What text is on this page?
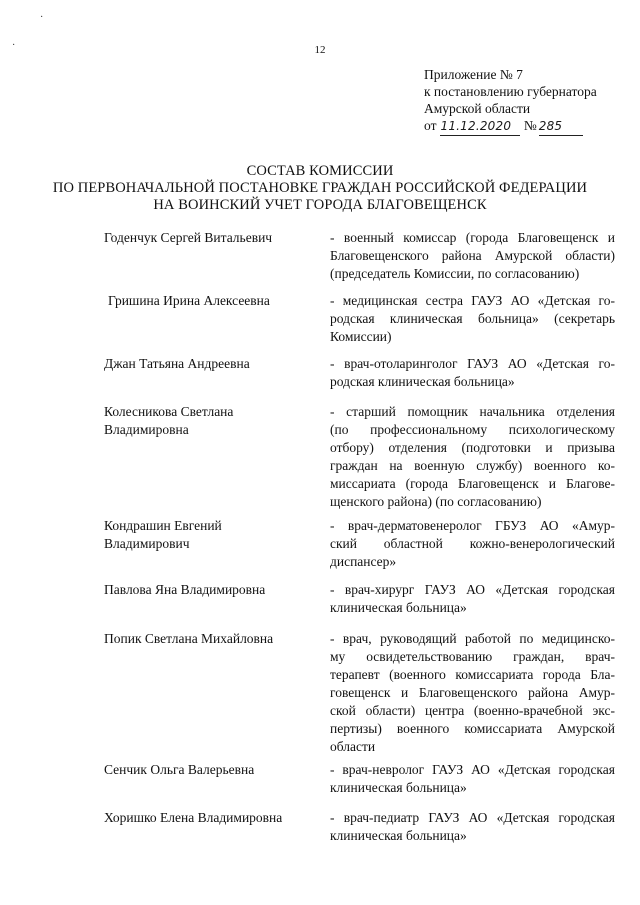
·
·	12
Приложение № 7
к постановлению губернатора
Амурской области
от 11.12.2020 № 285
СОСТАВ КОМИССИИ
ПО ПЕРВОНАЧАЛЬНОЙ ПОСТАНОВКЕ ГРАЖДАН РОССИЙСКОЙ ФЕДЕРАЦИИ
НА ВОИНСКИЙ УЧЕТ ГОРОДА БЛАГОВЕЩЕНСК
Годенчук Сергей Витальевич	- военный комиссар (города Благовещенск и
Благовещенского района Амурской области)
(председатель Комиссии, по согласованию)
Гришина Ирина Алексеевна	- медицинская сестра ГАУЗ АО «Детская го-
родская клиническая больница» (секретарь
Комиссии)
Джан Татьяна Андреевна	- врач-отоларинголог ГАУЗ АО «Детская го-
родская клиническая больница»
Колесникова Светлана
Владимировна
- старший помощник начальника отделения
(по профессиональному психологическому
отбору) отделения (подготовки и призыва
граждан на военную службу) военного ко-
миссариата (города Благовещенск и Благове-
щенского района) (по согласованию)
Кондрашин Евгений
Владимирович
- врач-дерматовенеролог ГБУЗ АО «Амур-
ский областной кожно-венерологический
диспансер»
Павлова Яна Владимировна	- врач-хирург ГАУЗ АО «Детская городская
клиническая больница»
Попик Светлана Михайловна	- врач, руководящий работой по медицинско-
му освидетельствованию граждан, врач-
терапевт (военного комиссариата города Бла-
говещенск и Благовещенского района Амур-
ской области) центра (военно-врачебной экс-
пертизы) военного комиссариата Амурской
области
Сенчик Ольга Валерьевна	- врач-невролог ГАУЗ АО «Детская городская
клиническая больница»
Хоришко Елена Владимировна	- врач-педиатр ГАУЗ АО «Детская городская
клиническая больница»
